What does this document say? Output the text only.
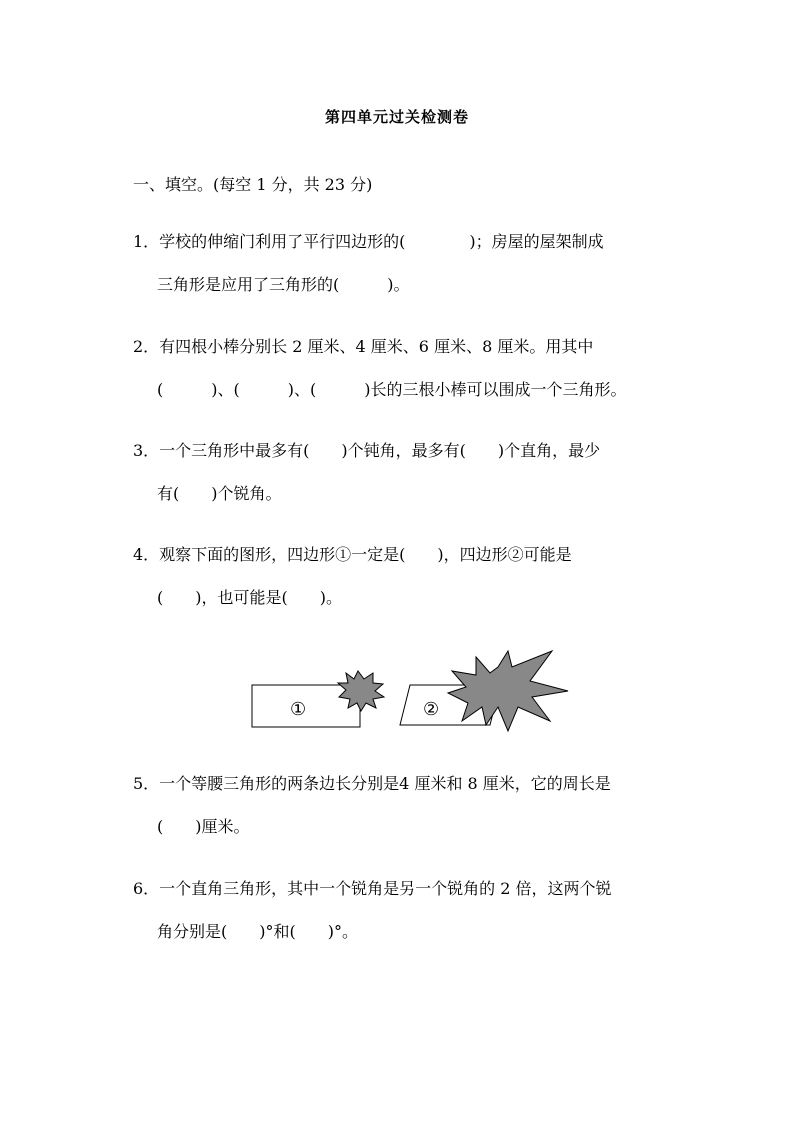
第四单元过关检测卷
一、填空。(每空 1 分，共 23 分)
1．学校的伸缩门利用了平行四边形的(　　　　)；房屋的屋架制成
三角形是应用了三角形的(　　　)。
2．有四根小棒分别长 2 厘米、4 厘米、6 厘米、8 厘米。用其中
(　　　)、(　　　)、(　　　)长的三根小棒可以围成一个三角形。
3．一个三角形中最多有(　　)个钝角，最多有(　　)个直角，最少
有(　　)个锐角。
4．观察下面的图形，四边形①一定是(　　)，四边形②可能是
(　　)，也可能是(　　)。
①	②
5．一个等腰三角形的两条边长分别是4 厘米和 8 厘米，它的周长是
(　　)厘米。
6．一个直角三角形，其中一个锐角是另一个锐角的 2 倍，这两个锐
角分别是(　　)°和(　　)°。
